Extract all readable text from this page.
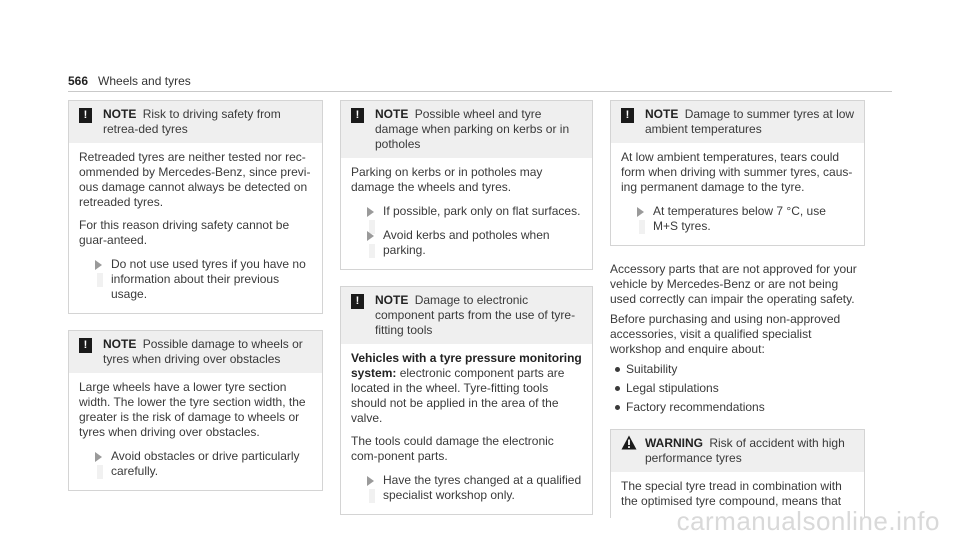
566 Wheels and tyres
!	NOTE Risk to driving safety from retrea-ded tyres

Retreaded tyres are neither tested nor rec-ommended by Mercedes-Benz, since previ-ous damage cannot always be detected on retreaded tyres.

For this reason driving safety cannot be guar-anteed.

Do not use used tyres if you have no information about their previous usage.
!	NOTE Possible damage to wheels or tyres when driving over obstacles

Large wheels have a lower tyre section width. The lower the tyre section width, the greater is the risk of damage to wheels or tyres when driving over obstacles.

Avoid obstacles or drive particularly carefully.
!	NOTE Possible wheel and tyre damage when parking on kerbs or in potholes

Parking on kerbs or in potholes may damage the wheels and tyres.

If possible, park only on flat surfaces.
Avoid kerbs and potholes when parking.
!	NOTE Damage to electronic component parts from the use of tyre-fitting tools

Vehicles with a tyre pressure monitoring system: electronic component parts are located in the wheel. Tyre-fitting tools should not be applied in the area of the valve.

The tools could damage the electronic com-ponent parts.

Have the tyres changed at a qualified specialist workshop only.
!	NOTE Damage to summer tyres at low ambient temperatures

At low ambient temperatures, tears could form when driving with summer tyres, caus-ing permanent damage to the tyre.

At temperatures below 7 °C, use M+S tyres.

Accessory parts that are not approved for your vehicle by Mercedes-Benz or are not being used correctly can impair the operating safety.

Before purchasing and using non-approved accessories, visit a qualified specialist workshop and enquire about:

Suitability
Legal stipulations
Factory recommendations
WARNING Risk of accident with high performance tyres

The special tyre tread in combination with the optimised tyre compound, means that

carmanualsonline.info
